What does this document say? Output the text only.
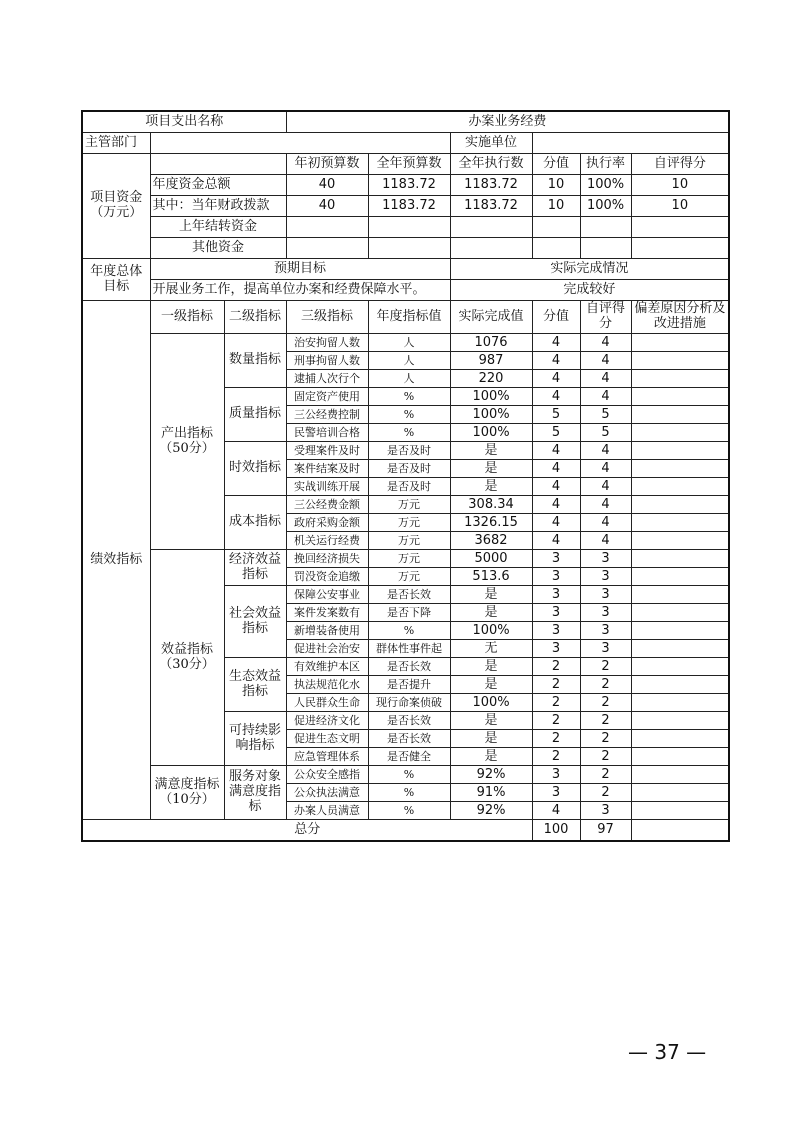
项目支出名称			办案业务经费					
主管部门					实施单位			
项目资金（万元）			年初预算数	全年预算数	全年执行数	分值	执行率	自评得分
	年度资金总额		40	1183.72	1183.72	10	100%	10
	其中：当年财政拨款		40	1183.72	1183.72	10	100%	10
	上年结转资金							
	其他资金							
年度总体目标	预期目标				实际完成情况			
	开展业务工作，提高单位办案和经费保障水平。				完成较好			
绩效指标	一级指标	二级指标	三级指标	年度指标值	实际完成值	分值	自评得分	偏差原因分析及改进措施
	产出指标（50分）	数量指标	治安拘留人数	人	1076	4	4	
			刑事拘留人数	人	987	4	4	
			逮捕人次行个	人	220	4	4	
		质量指标	固定资产使用	%	100%	4	4	
			三公经费控制	%	100%	5	5	
			民警培训合格	%	100%	5	5	
		时效指标	受理案件及时	是否及时	是	4	4	
			案件结案及时	是否及时	是	4	4	
			实战训练开展	是否及时	是	4	4	
		成本指标	三公经费金额	万元	308.34	4	4	
			政府采购金额	万元	1326.15	4	4	
			机关运行经费	万元	3682	4	4	
	效益指标（30分）	经济效益指标	挽回经济损失	万元	5000	3	3	
			罚没资金追缴	万元	513.6	3	3	
		社会效益指标	保障公安事业	是否长效	是	3	3	
			案件发案数有	是否下降	是	3	3	
			新增装备使用	%	100%	3	3	
			促进社会治安	群体性事件起	无	3	3	
		生态效益指标	有效维护本区	是否长效	是	2	2	
			执法规范化水	是否提升	是	2	2	
			人民群众生命	现行命案侦破	100%	2	2	
		可持续影响指标	促进经济文化	是否长效	是	2	2	
			促进生态文明	是否长效	是	2	2	
			应急管理体系	是否健全	是	2	2	
	满意度指标（10分）	服务对象满意度指标	公众安全感指	%	92%	3	2	
			公众执法满意	%	91%	3	2	
			办案人员满意	%	92%	4	3	
总分						100	97	
— 37 —
